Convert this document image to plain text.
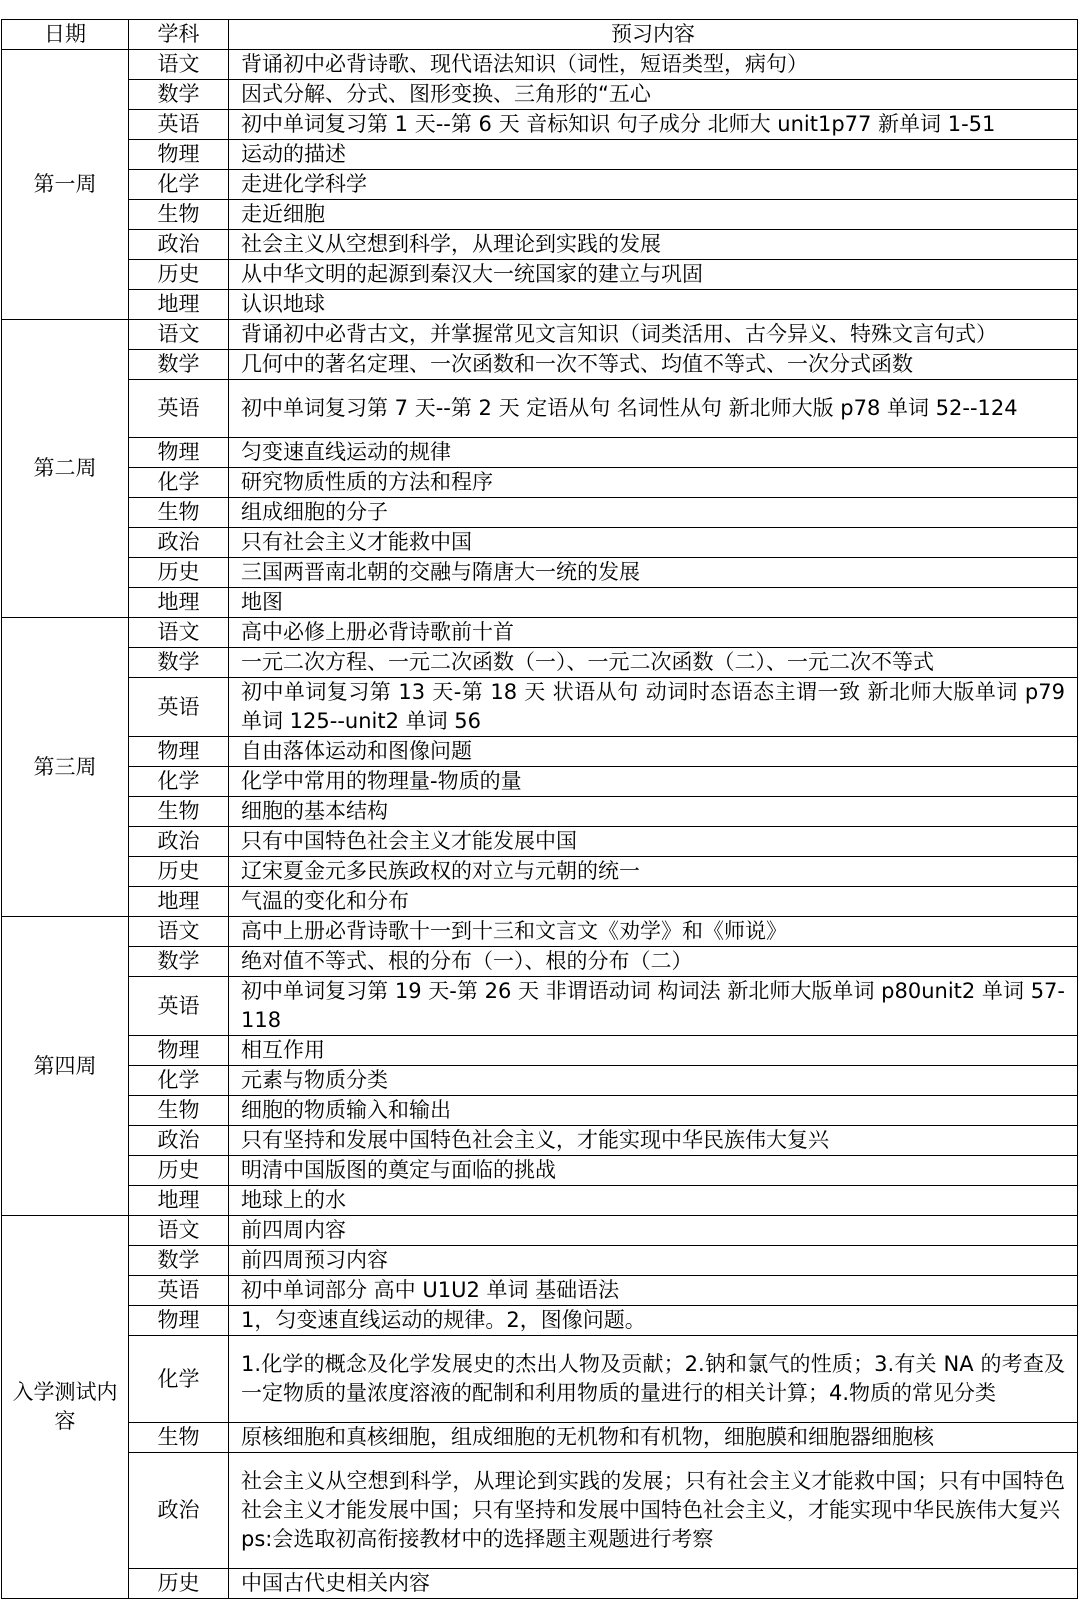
日期	学科	预习内容
第一周	语文	背诵初中必背诗歌、现代语法知识（词性，短语类型，病句）

	数学	因式分解、分式、图形变换、三角形的“五心

	英语	初中单词复习第 1 天--第 6 天 音标知识 句子成分 北师大 unit1p77 新单词 1-51

	物理	运动的描述

	化学	走进化学科学

	生物	走近细胞

	政治	社会主义从空想到科学，从理论到实践的发展

	历史	从中华文明的起源到秦汉大一统国家的建立与巩固

	地理	认识地球

第二周	语文	背诵初中必背古文，并掌握常见文言知识（词类活用、古今异义、特殊文言句式）

	数学	几何中的著名定理、一次函数和一次不等式、均值不等式、一次分式函数

	英语	初中单词复习第 7 天--第 2 天 定语从句 名词性从句 新北师大版 p78 单词 52--124

	物理	匀变速直线运动的规律

	化学	研究物质性质的方法和程序

	生物	组成细胞的分子

	政治	只有社会主义才能救中国

	历史	三国两晋南北朝的交融与隋唐大一统的发展

	地理	地图

第三周	语文	高中必修上册必背诗歌前十首

	数学	一元二次方程、一元二次函数（一）、一元二次函数（二）、一元二次不等式

	英语	初中单词复习第 13 天-第 18 天 状语从句 动词时态语态主谓一致 新北师大版单词 p79 单词 125--unit2 单词 56

	物理	自由落体运动和图像问题

	化学	化学中常用的物理量-物质的量

	生物	细胞的基本结构

	政治	只有中国特色社会主义才能发展中国

	历史	辽宋夏金元多民族政权的对立与元朝的统一

	地理	气温的变化和分布

第四周	语文	高中上册必背诗歌十一到十三和文言文《劝学》和《师说》

	数学	绝对值不等式、根的分布（一）、根的分布（二）

	英语	初中单词复习第 19 天-第 26 天 非谓语动词 构词法 新北师大版单词 p80unit2 单词 57-118

	物理	相互作用

	化学	元素与物质分类

	生物	细胞的物质输入和输出

	政治	只有坚持和发展中国特色社会主义，才能实现中华民族伟大复兴

	历史	明清中国版图的奠定与面临的挑战

	地理	地球上的水

入学测试内容	语文	前四周内容

	数学	前四周预习内容

	英语	初中单词部分 高中 U1U2 单词 基础语法

	物理	1，匀变速直线运动的规律。2，图像问题。

	化学	1.化学的概念及化学发展史的杰出人物及贡献；2.钠和氯气的性质；3.有关 NA 的考查及一定物质的量浓度溶液的配制和利用物质的量进行的相关计算；4.物质的常见分类

	生物	原核细胞和真核细胞，组成细胞的无机物和有机物，细胞膜和细胞器细胞核

	政治	社会主义从空想到科学，从理论到实践的发展；只有社会主义才能救中国；只有中国特色社会主义才能发展中国；只有坚持和发展中国特色社会主义，才能实现中华民族伟大复兴
ps:会选取初高衔接教材中的选择题主观题进行考察

	历史	中国古代史相关内容
